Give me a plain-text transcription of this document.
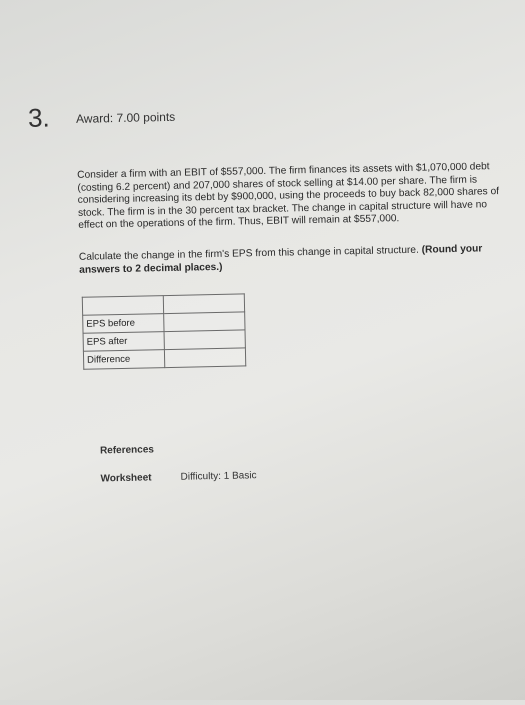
3. Award: 7.00 points
Consider a firm with an EBIT of $557,000. The firm finances its assets with $1,070,000 debt (costing 6.2 percent) and 207,000 shares of stock selling at $14.00 per share. The firm is considering increasing its debt by $900,000, using the proceeds to buy back 82,000 shares of stock. The firm is in the 30 percent tax bracket. The change in capital structure will have no effect on the operations of the firm. Thus, EBIT will remain at $557,000.
Calculate the change in the firm's EPS from this change in capital structure. (Round your answers to 2 decimal places.)

EPS before	
EPS after	
Difference	
References
Worksheet	Difficulty: 1 Basic
